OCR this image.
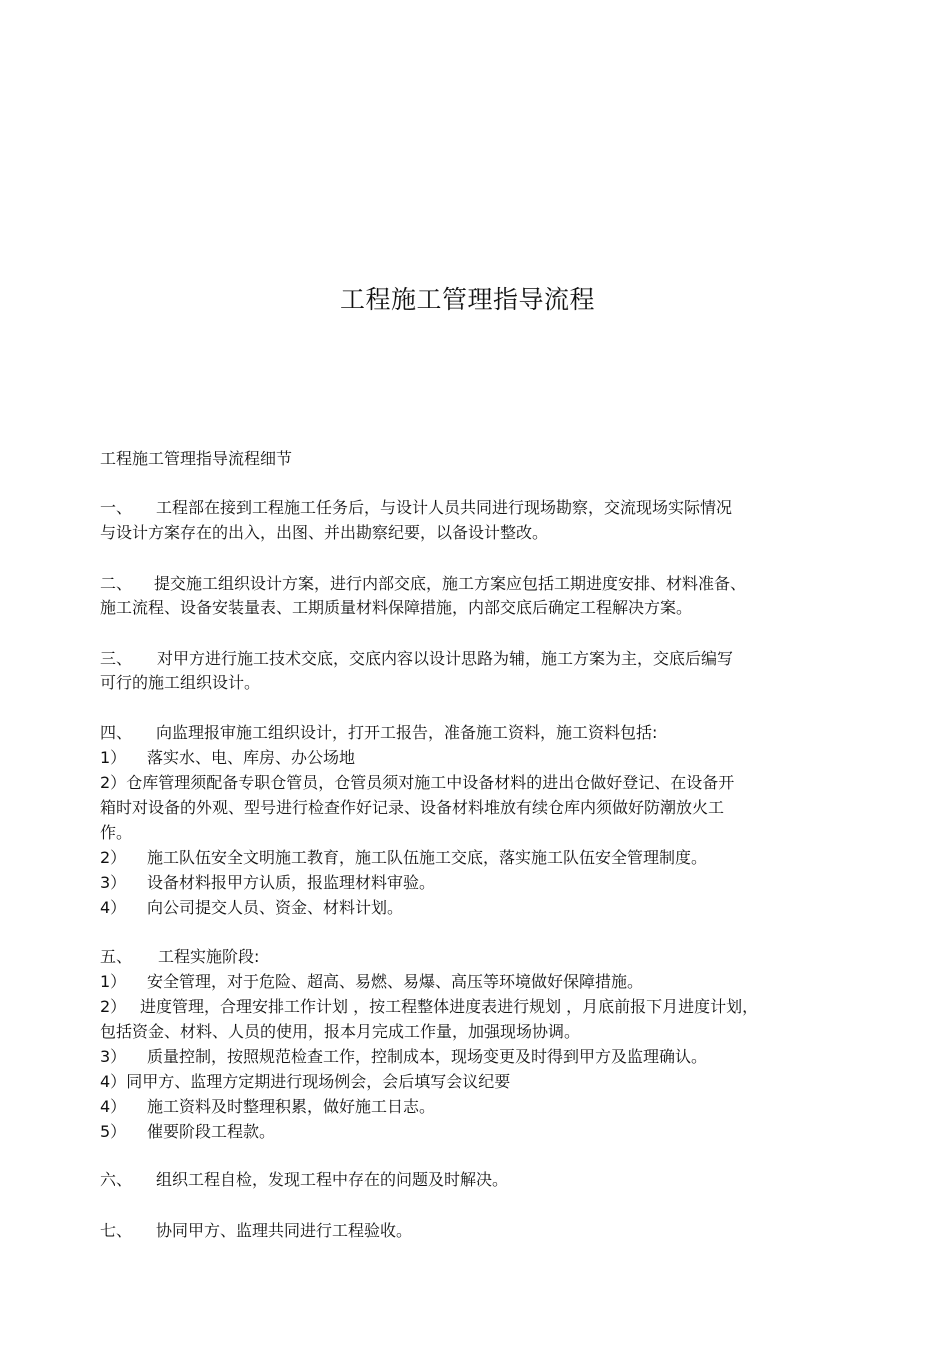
工程施工管理指导流程
工程施工管理指导流程细节
一、 工程部在接到工程施工任务后，与设计人员共同进行现场勘察，交流现场实际情况
与设计方案存在的出入，出图、并出勘察纪要，以备设计整改。
二、 提交施工组织设计方案，进行内部交底，施工方案应包括工期进度安排、材料准备、
施工流程、设备安装量表、工期质量材料保障措施，内部交底后确定工程解决方案。
三、 对甲方进行施工技术交底，交底内容以设计思路为辅，施工方案为主，交底后编写
可行的施工组织设计。
四、 向监理报审施工组织设计，打开工报告，准备施工资料，施工资料包括:
1） 落实水、电、库房、办公场地
2）仓库管理须配备专职仓管员，仓管员须对施工中设备材料的进出仓做好登记、在设备开
箱时对设备的外观、型号进行检查作好记录、设备材料堆放有续仓库内须做好防潮放火工
作。
2） 施工队伍安全文明施工教育，施工队伍施工交底，落实施工队伍安全管理制度。
3） 设备材料报甲方认质，报监理材料审验。
4） 向公司提交人员、资金、材料计划。
五、 工程实施阶段:
1） 安全管理，对于危险、超高、易燃、易爆、高压等环境做好保障措施。
2） 进度管理，合理安排工作计划 ，按工程整体进度表进行规划 ，月底前报下月进度计划，
包括资金、材料、人员的使用，报本月完成工作量，加强现场协调。
3） 质量控制，按照规范检查工作，控制成本，现场变更及时得到甲方及监理确认。
4）同甲方、监理方定期进行现场例会，会后填写会议纪要
4） 施工资料及时整理积累，做好施工日志。
5） 催要阶段工程款。
六、 组织工程自检，发现工程中存在的问题及时解决。
七、 协同甲方、监理共同进行工程验收。
